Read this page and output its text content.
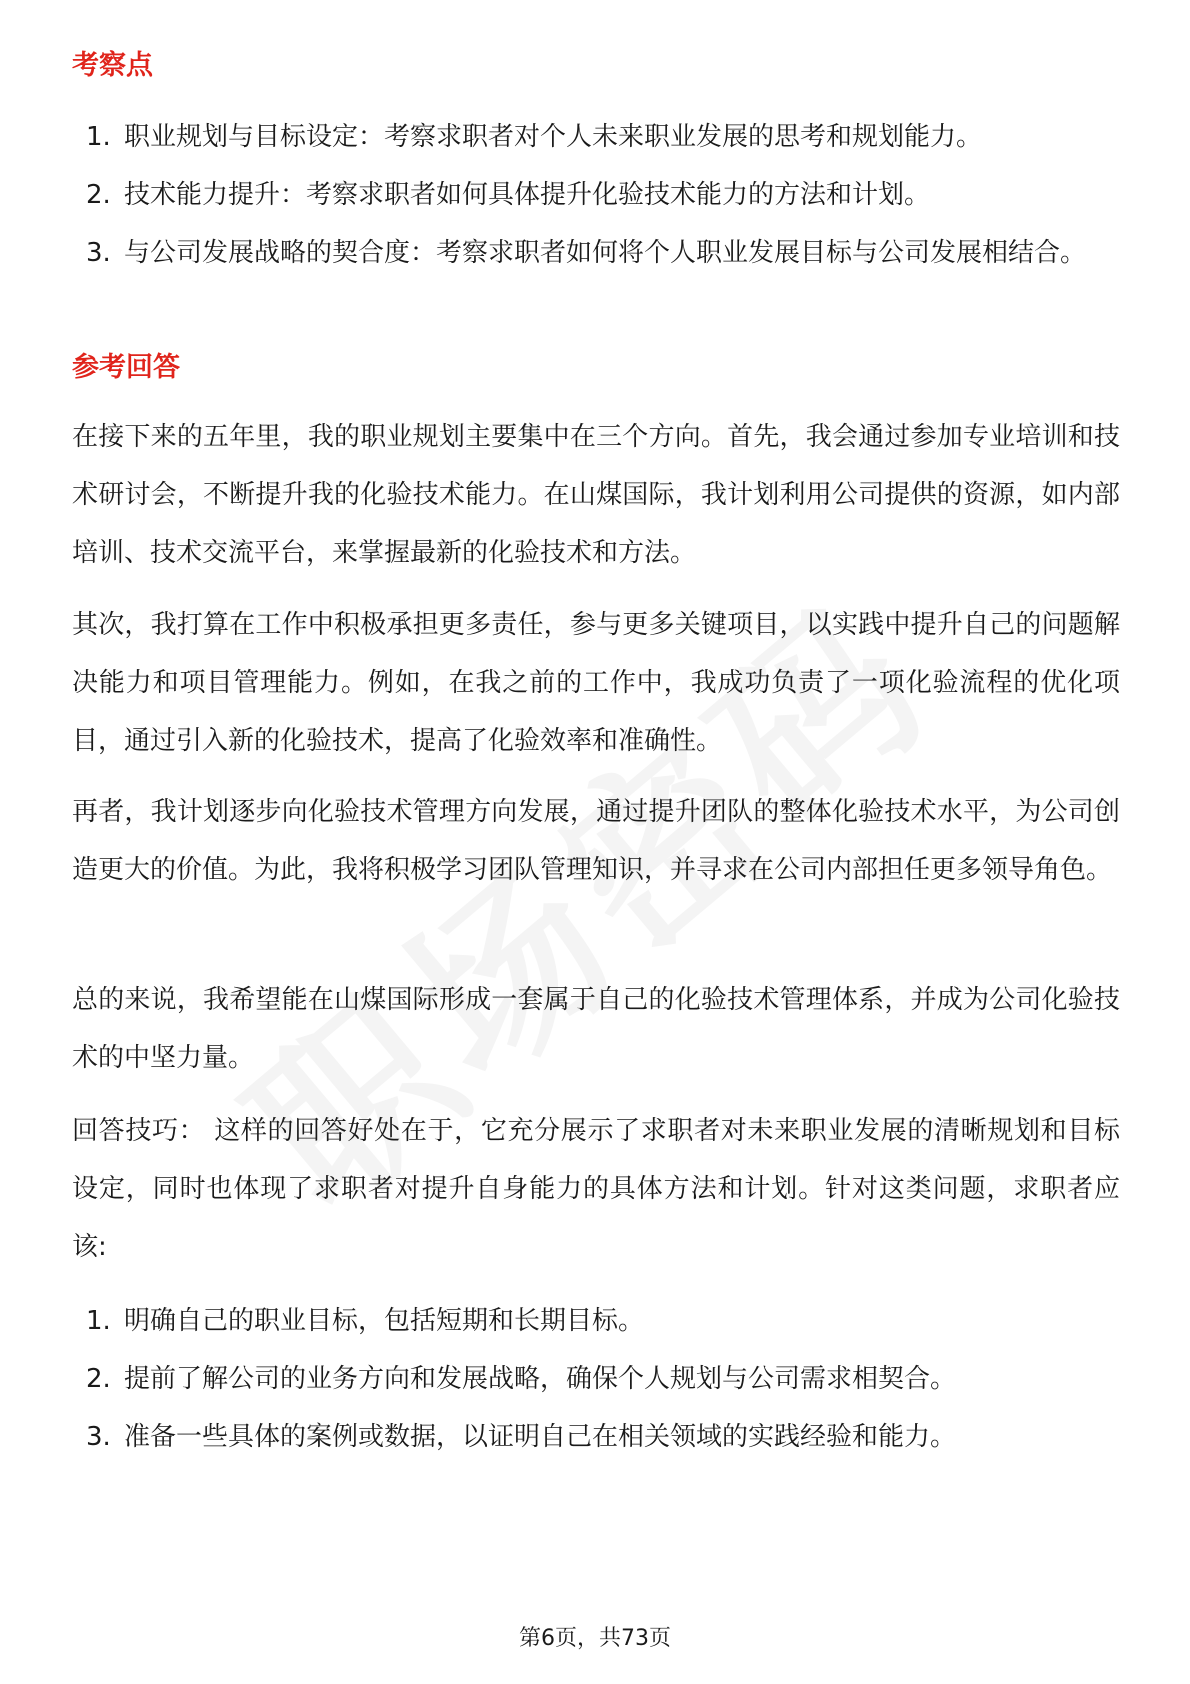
考察点
1. 职业规划与目标设定：考察求职者对个人未来职业发展的思考和规划能力。
2. 技术能力提升：考察求职者如何具体提升化验技术能力的方法和计划。
3. 与公司发展战略的契合度：考察求职者如何将个人职业发展目标与公司发展相结合。
参考回答

在接下来的五年里，我的职业规划主要集中在三个方向。首先，我会通过参加专业培训和技术研讨会，不断提升我的化验技术能力。在山煤国际，我计划利用公司提供的资源，如内部培训、技术交流平台，来掌握最新的化验技术和方法。

其次，我打算在工作中积极承担更多责任，参与更多关键项目，以实践中提升自己的问题解决能力和项目管理能力。例如，在我之前的工作中，我成功负责了一项化验流程的优化项目，通过引入新的化验技术，提高了化验效率和准确性。

再者，我计划逐步向化验技术管理方向发展，通过提升团队的整体化验技术水平，为公司创造更大的价值。为此，我将积极学习团队管理知识，并寻求在公司内部担任更多领导角色。

总的来说，我希望能在山煤国际形成一套属于自己的化验技术管理体系，并成为公司化验技术的中坚力量。

回答技巧： 这样的回答好处在于，它充分展示了求职者对未来职业发展的清晰规划和目标设定，同时也体现了求职者对提升自身能力的具体方法和计划。针对这类问题，求职者应该:

1. 明确自己的职业目标，包括短期和长期目标。
2. 提前了解公司的业务方向和发展战略，确保个人规划与公司需求相契合。
3. 准备一些具体的案例或数据，以证明自己在相关领域的实践经验和能力。
第6页，共73页
